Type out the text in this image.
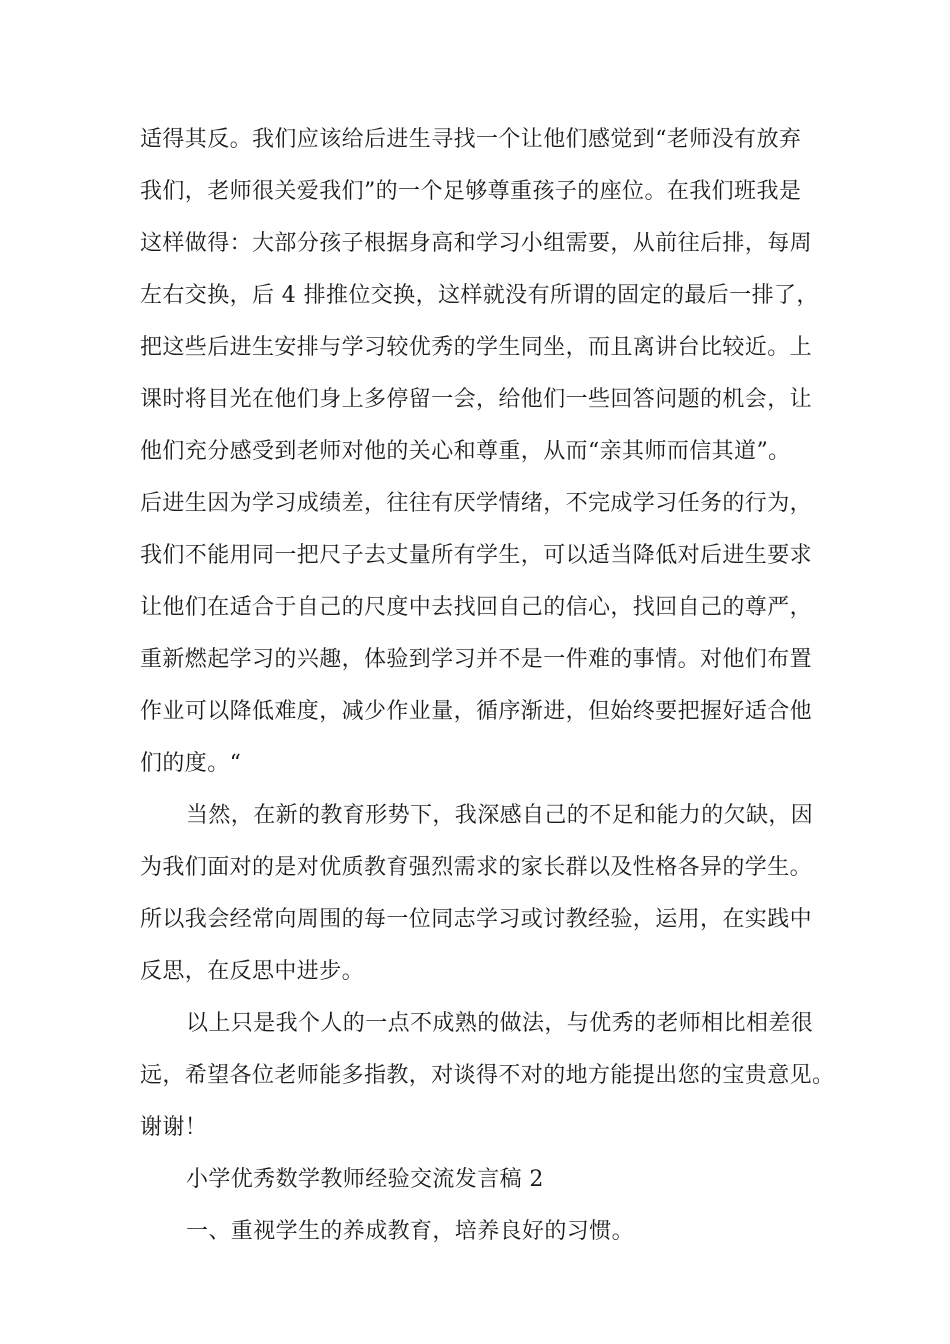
适得其反。我们应该给后进生寻找一个让他们感觉到“老师没有放弃
我们，老师很关爱我们”的一个足够尊重孩子的座位。在我们班我是
这样做得：大部分孩子根据身高和学习小组需要，从前往后排，每周
左右交换，后 4 排推位交换，这样就没有所谓的固定的最后一排了，
把这些后进生安排与学习较优秀的学生同坐，而且离讲台比较近。上
课时将目光在他们身上多停留一会，给他们一些回答问题的机会，让
他们充分感受到老师对他的关心和尊重，从而“亲其师而信其道”。
后进生因为学习成绩差，往往有厌学情绪，不完成学习任务的行为，
我们不能用同一把尺子去丈量所有学生，可以适当降低对后进生要求
让他们在适合于自己的尺度中去找回自己的信心，找回自己的尊严，
重新燃起学习的兴趣，体验到学习并不是一件难的事情。对他们布置
作业可以降低难度，减少作业量，循序渐进，但始终要把握好适合他
们的度。“
当然，在新的教育形势下，我深感自己的不足和能力的欠缺，因
为我们面对的是对优质教育强烈需求的家长群以及性格各异的学生。
所以我会经常向周围的每一位同志学习或讨教经验，运用，在实践中
反思，在反思中进步。
以上只是我个人的一点不成熟的做法，与优秀的老师相比相差很
远，希望各位老师能多指教，对谈得不对的地方能提出您的宝贵意见。
谢谢！
小学优秀数学教师经验交流发言稿 2
一、重视学生的养成教育，培养良好的习惯。
